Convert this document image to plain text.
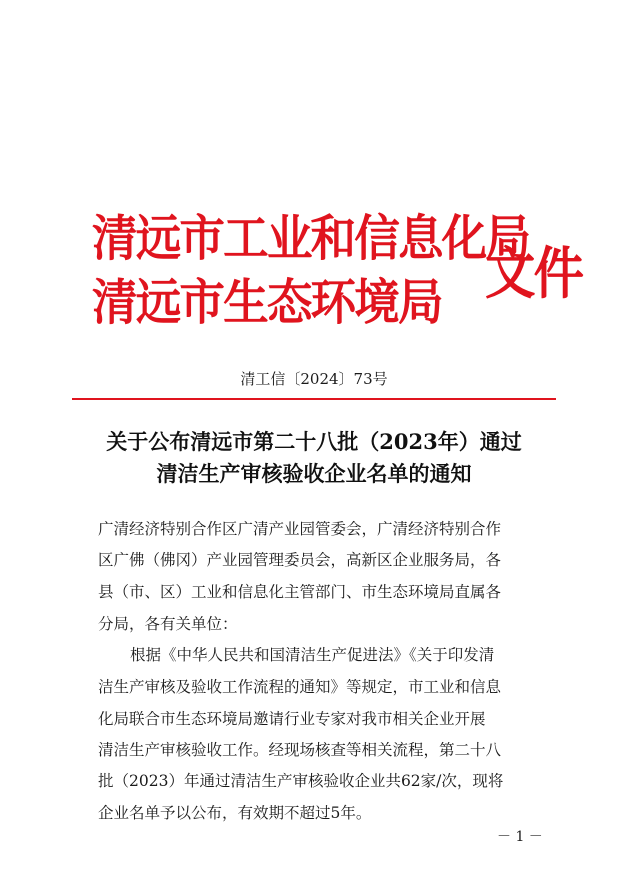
清远市工业和信息化局
清远市生态环境局 文件
清工信〔2024〕73号
关于公布清远市第二十八批（2023年）通过
清洁生产审核验收企业名单的通知
广清经济特别合作区广清产业园管委会，广清经济特别合作
区广佛（佛冈）产业园管理委员会，高新区企业服务局，各
县（市、区）工业和信息化主管部门、市生态环境局直属各
分局，各有关单位：
根据《中华人民共和国清洁生产促进法》《关于印发清
洁生产审核及验收工作流程的通知》等规定，市工业和信息
化局联合市生态环境局邀请行业专家对我市相关企业开展
清洁生产审核验收工作。经现场核查等相关流程，第二十八
批（2023）年通过清洁生产审核验收企业共62家/次，现将
企业名单予以公布，有效期不超过5年。
－ 1 －
